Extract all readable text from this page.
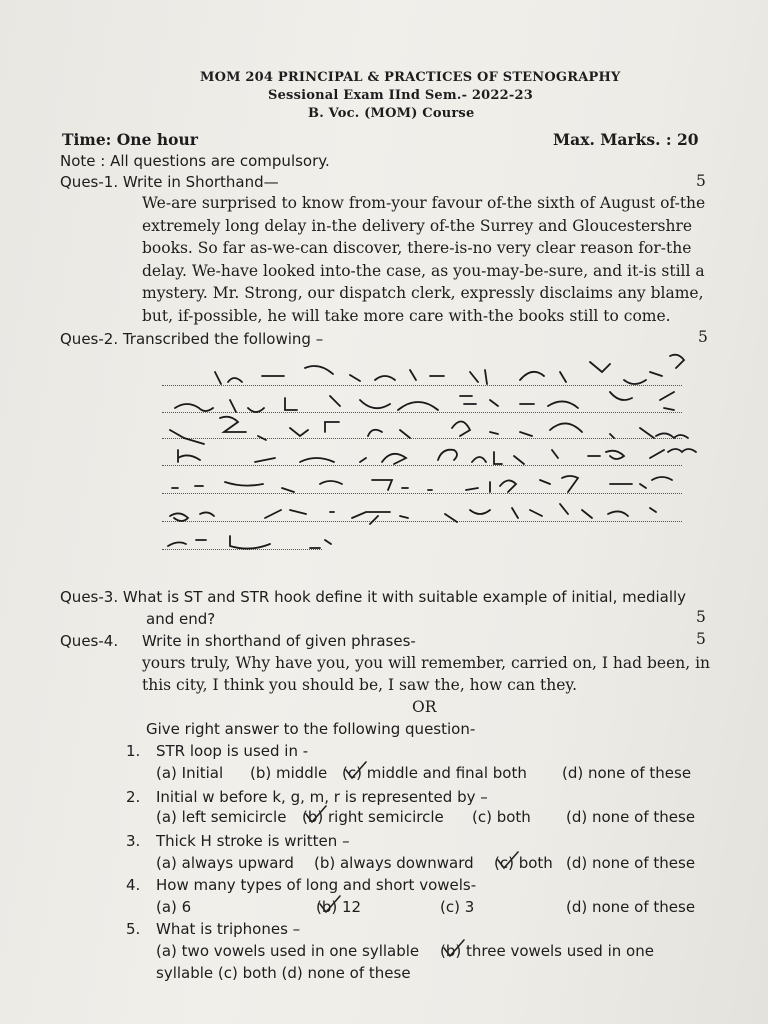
MOM 204 PRINCIPAL & PRACTICES OF STENOGRAPHY
Sessional Exam IInd Sem.- 2022-23
B. Voc. (MOM) Course
Time: One hour	Max. Marks. : 20
Note : All questions are compulsory.
Ques-1. Write in Shorthand—	5
We-are surprised to know from-your favour of-the sixth of August of-the
extremely long delay in-the delivery of-the Surrey and Gloucestershre
books. So far as-we-can discover, there-is-no very clear reason for-the
delay. We-have looked into-the case, as you-may-be-sure, and it-is still a
mystery. Mr. Strong, our dispatch clerk, expressly disclaims any blame,
but, if-possible, he will take more care with-the books still to come.
Ques-2. Transcribed the following –	5
Ques-3. What is ST and STR hook define it with suitable example of initial, medially
and end?	5
Ques-4. Write in shorthand of given phrases-	5
yours truly, Why have you, you will remember, carried on, I had been, in
this city, I think you should be, I saw the, how can they.
OR
Give right answer to the following question-
1. STR loop is used in -
(a) Initial (b) middle (c) middle and final both (d) none of these
2. Initial w before k, g, m, r is represented by –
(a) left semicircle (b) right semicircle (c) both (d) none of these
3. Thick H stroke is written –
(a) always upward (b) always downward (c) both (d) none of these
4. How many types of long and short vowels-
(a) 6	(b) 12	(c) 3	(d) none of these
5. What is triphones –
(a) two vowels used in one syllable (b) three vowels used in one
syllable (c) both (d) none of these
